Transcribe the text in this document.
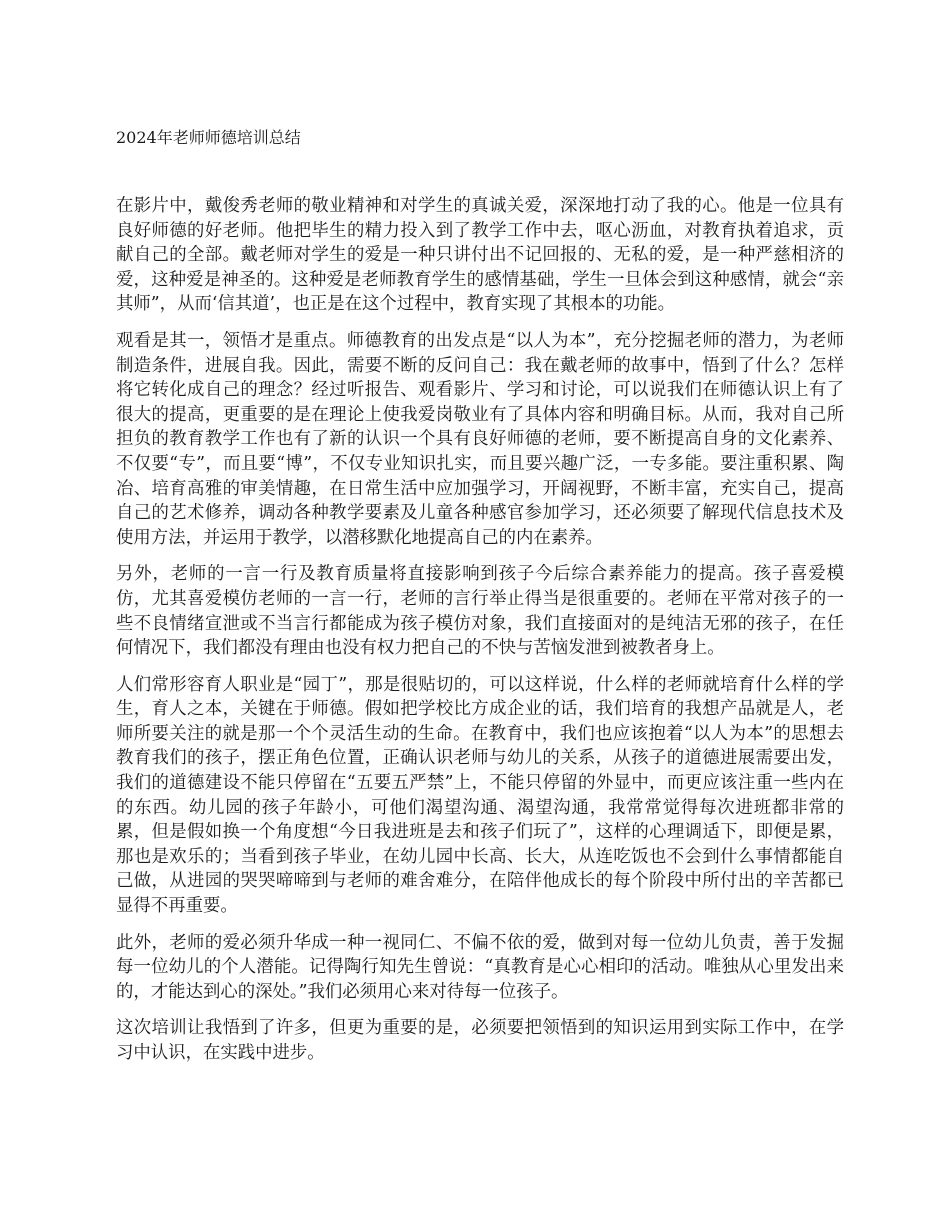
2024年老师师德培训总结

在影片中，戴俊秀老师的敬业精神和对学生的真诚关爱，深深地打动了我的心。他是一位具有良好师德的好老师。他把毕生的精力投入到了教学工作中去，呕心沥血，对教育执着追求，贡献自己的全部。戴老师对学生的爱是一种只讲付出不记回报的、无私的爱，是一种严慈相济的爱，这种爱是神圣的。这种爱是老师教育学生的感情基础，学生一旦体会到这种感情，就会“亲其师”，从而‘信其道’，也正是在这个过程中，教育实现了其根本的功能。

观看是其一，领悟才是重点。师德教育的出发点是“以人为本”，充分挖掘老师的潜力，为老师制造条件，进展自我。因此，需要不断的反问自己：我在戴老师的故事中，悟到了什么？怎样将它转化成自己的理念？经过听报告、观看影片、学习和讨论，可以说我们在师德认识上有了很大的提高，更重要的是在理论上使我爱岗敬业有了具体内容和明确目标。从而，我对自己所担负的教育教学工作也有了新的认识一个具有良好师德的老师，要不断提高自身的文化素养、不仅要“专”，而且要“博”，不仅专业知识扎实，而且要兴趣广泛，一专多能。要注重积累、陶冶、培育高雅的审美情趣，在日常生活中应加强学习，开阔视野，不断丰富，充实自己，提高自己的艺术修养，调动各种教学要素及儿童各种感官参加学习，还必须要了解现代信息技术及使用方法，并运用于教学，以潜移默化地提高自己的内在素养。

另外，老师的一言一行及教育质量将直接影响到孩子今后综合素养能力的提高。孩子喜爱模仿，尤其喜爱模仿老师的一言一行，老师的言行举止得当是很重要的。老师在平常对孩子的一些不良情绪宣泄或不当言行都能成为孩子模仿对象，我们直接面对的是纯洁无邪的孩子，在任何情况下，我们都没有理由也没有权力把自己的不快与苦恼发泄到被教者身上。

人们常形容育人职业是“园丁”，那是很贴切的，可以这样说，什么样的老师就培育什么样的学生，育人之本，关键在于师德。假如把学校比方成企业的话，我们培育的我想产品就是人，老师所要关注的就是那一个个灵活生动的生命。在教育中，我们也应该抱着“以人为本”的思想去教育我们的孩子，摆正角色位置，正确认识老师与幼儿的关系，从孩子的道德进展需要出发，我们的道德建设不能只停留在“五要五严禁”上，不能只停留的外显中，而更应该注重一些内在的东西。幼儿园的孩子年龄小，可他们渴望沟通、渴望沟通，我常常觉得每次进班都非常的累，但是假如换一个角度想“今日我进班是去和孩子们玩了”，这样的心理调适下，即便是累，那也是欢乐的；当看到孩子毕业，在幼儿园中长高、长大，从连吃饭也不会到什么事情都能自己做，从进园的哭哭啼啼到与老师的难舍难分，在陪伴他成长的每个阶段中所付出的辛苦都已显得不再重要。

此外，老师的爱必须升华成一种一视同仁、不偏不依的爱，做到对每一位幼儿负责，善于发掘每一位幼儿的个人潜能。记得陶行知先生曾说：“真教育是心心相印的活动。唯独从心里发出来的，才能达到心的深处。”我们必须用心来对待每一位孩子。

这次培训让我悟到了许多，但更为重要的是，必须要把领悟到的知识运用到实际工作中，在学习中认识，在实践中进步。
